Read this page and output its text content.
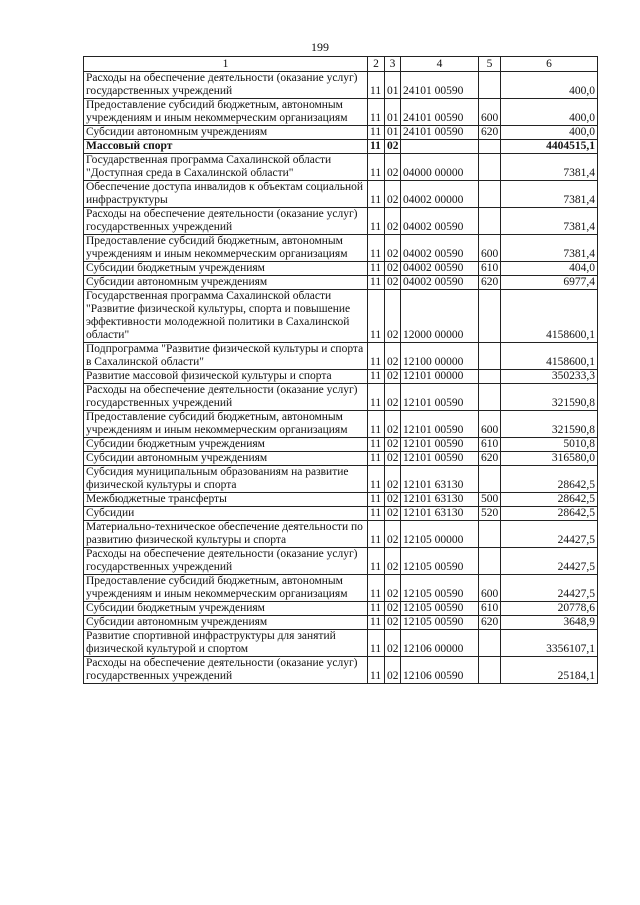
199
1	2	3	4	5	6
Расходы на обеспечение деятельности (оказание услуг) государственных учреждений	11	01	24101 00590		400,0
Предоставление субсидий бюджетным, автономным учреждениям и иным некоммерческим организациям	11	01	24101 00590	600	400,0
Субсидии автономным учреждениям	11	01	24101 00590	620	400,0
Массовый спорт	11	02			4404515,1
Государственная программа Сахалинской области "Доступная среда в Сахалинской области"	11	02	04000 00000		7381,4
Обеспечение доступа инвалидов к объектам социальной инфраструктуры	11	02	04002 00000		7381,4
Расходы на обеспечение деятельности (оказание услуг) государственных учреждений	11	02	04002 00590		7381,4
Предоставление субсидий бюджетным, автономным учреждениям и иным некоммерческим организациям	11	02	04002 00590	600	7381,4
Субсидии бюджетным учреждениям	11	02	04002 00590	610	404,0
Субсидии автономным учреждениям	11	02	04002 00590	620	6977,4
Государственная программа Сахалинской области "Развитие физической культуры, спорта и повышение эффективности молодежной политики в Сахалинской области"	11	02	12000 00000		4158600,1
Подпрограмма "Развитие физической культуры и спорта в Сахалинской области"	11	02	12100 00000		4158600,1
Развитие массовой физической культуры и спорта	11	02	12101 00000		350233,3
Расходы на обеспечение деятельности (оказание услуг) государственных учреждений	11	02	12101 00590		321590,8
Предоставление субсидий бюджетным, автономным учреждениям и иным некоммерческим организациям	11	02	12101 00590	600	321590,8
Субсидии бюджетным учреждениям	11	02	12101 00590	610	5010,8
Субсидии автономным учреждениям	11	02	12101 00590	620	316580,0
Субсидия муниципальным образованиям на развитие физической культуры и спорта	11	02	12101 63130		28642,5
Межбюджетные трансферты	11	02	12101 63130	500	28642,5
Субсидии	11	02	12101 63130	520	28642,5
Материально-техническое обеспечение деятельности по развитию физической культуры и спорта	11	02	12105 00000		24427,5
Расходы на обеспечение деятельности (оказание услуг) государственных учреждений	11	02	12105 00590		24427,5
Предоставление субсидий бюджетным, автономным учреждениям и иным некоммерческим организациям	11	02	12105 00590	600	24427,5
Субсидии бюджетным учреждениям	11	02	12105 00590	610	20778,6
Субсидии автономным учреждениям	11	02	12105 00590	620	3648,9
Развитие спортивной инфраструктуры для занятий физической культурой и спортом	11	02	12106 00000		3356107,1
Расходы на обеспечение деятельности (оказание услуг) государственных учреждений	11	02	12106 00590		25184,1
